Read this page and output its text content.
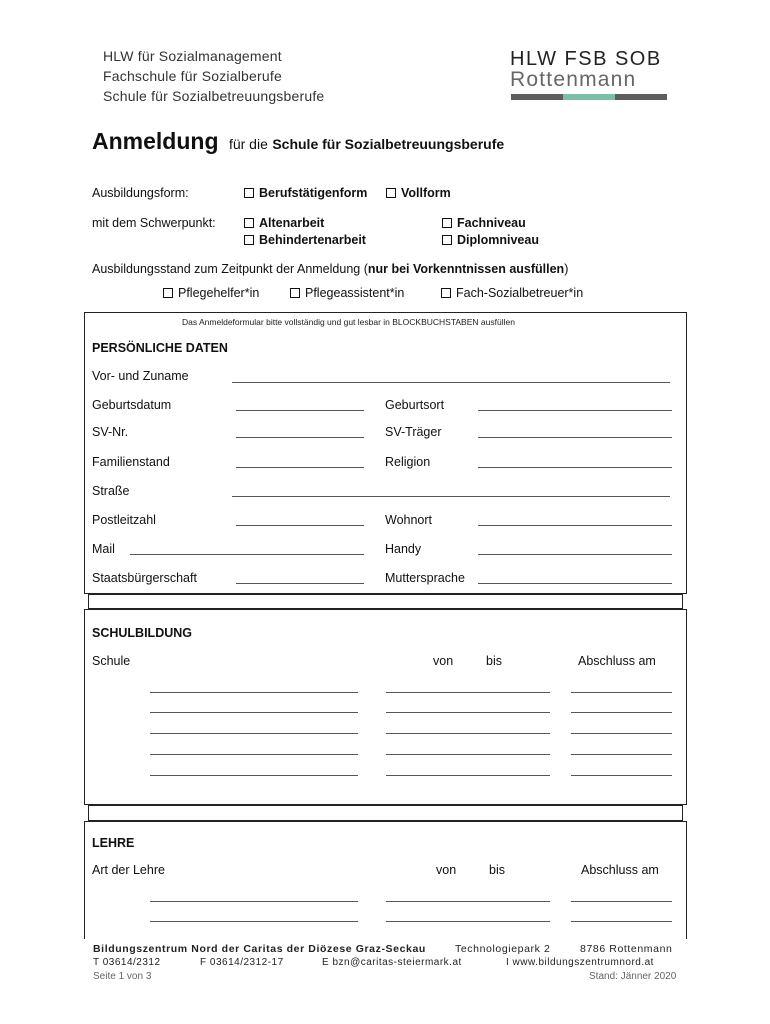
HLW für Sozialmanagement
Fachschule für Sozialberufe
Schule für Sozialbetreuungsberufe
HLW FSB SOB
Rottenmann
Anmeldung für die Schule für Sozialbetreuungsberufe
Ausbildungsform:	Berufstätigenform	Vollform
mit dem Schwerpunkt:	Altenarbeit
Behindertenarbeit
Fachniveau
Diplomniveau
Ausbildungsstand zum Zeitpunkt der Anmeldung (nur bei Vorkenntnissen ausfüllen)
Pflegehelfer*in	Pflegeassistent*in	Fach-Sozialbetreuer*in
Das Anmeldeformular bitte vollständig und gut lesbar in BLOCKBUCHSTABEN ausfüllen
PERSÖNLICHE DATEN
Vor- und Zuname
Geburtsdatum	Geburtsort
SV-Nr.	SV-Träger
Familienstand	Religion
Straße
Postleitzahl	Wohnort
Mail	Handy
Staatsbürgerschaft	Muttersprache
SCHULBILDUNG
Schule	von	bis	Abschluss am
LEHRE
Art der Lehre	von	bis	Abschluss am
Bildungszentrum Nord der Caritas der Diözese Graz-Seckau	Technologiepark 2	8786 Rottenmann
T 03614/2312	F 03614/2312-17	E bzn@caritas-steiermark.at	I www.bildungszentrumnord.at
Seite 1 von 3	Stand: Jänner 2020
